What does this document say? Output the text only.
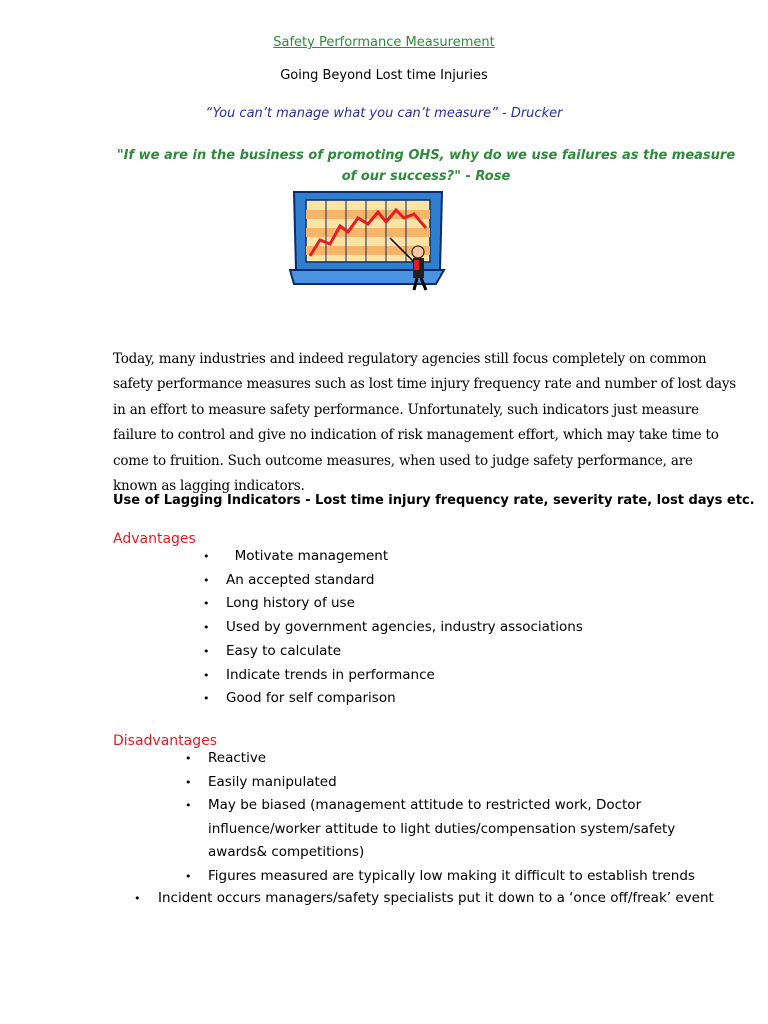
Safety Performance Measurement
Going Beyond Lost time Injuries
“You can’t manage what you can’t measure” - Drucker
"If we are in the business of promoting OHS, why do we use failures as the measure of our success?" - Rose
Today, many industries and indeed regulatory agencies still focus completely on common safety performance measures such as lost time injury frequency rate and number of lost days in an effort to measure safety performance. Unfortunately, such indicators just measure failure to control and give no indication of risk management effort, which may take time to come to fruition. Such outcome measures, when used to judge safety performance, are known as lagging indicators.
Use of Lagging Indicators - Lost time injury frequency rate, severity rate, lost days etc.
Advantages
• Motivate management
• An accepted standard
• Long history of use
• Used by government agencies, industry associations
• Easy to calculate
• Indicate trends in performance
• Good for self comparison
Disadvantages
• Reactive
• Easily manipulated
• May be biased (management attitude to restricted work, Doctor influence/worker attitude to light duties/compensation system/safety awards& competitions)
• Figures measured are typically low making it difficult to establish trends
• Incident occurs managers/safety specialists put it down to a ‘once off/freak’ event
